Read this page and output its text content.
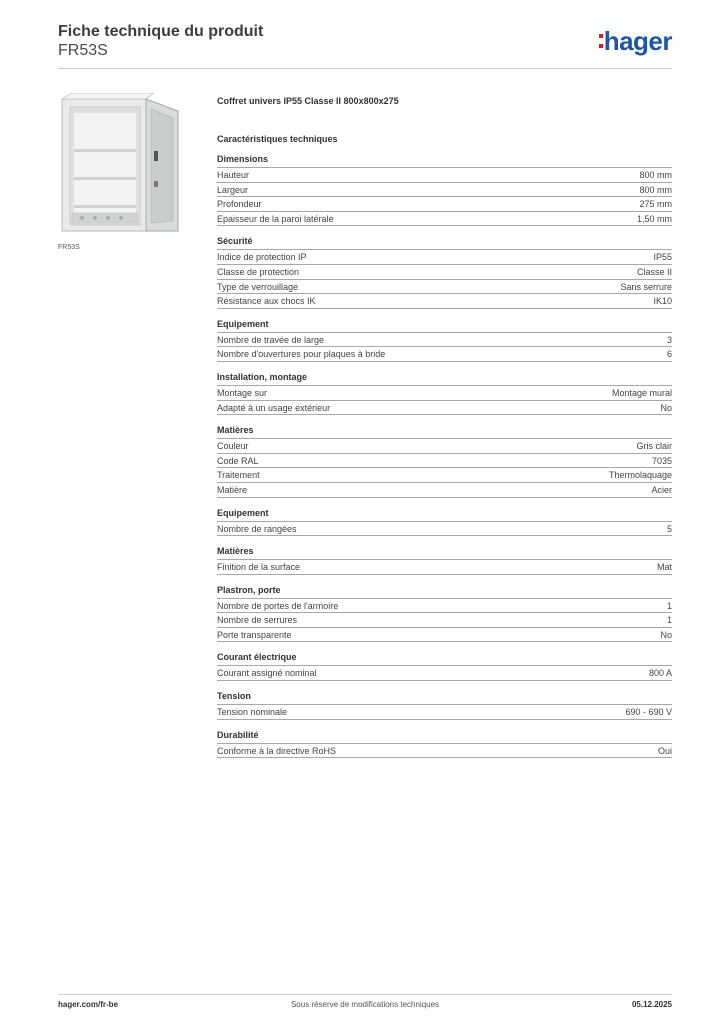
Fiche technique du produit
FR53S	hager
FR53S
Coffret univers IP55 Classe II 800x800x275
Caractéristiques techniques
Dimensions
Hauteur	800 mm
Largeur	800 mm
Profondeur	275 mm
Epaisseur de la paroi latérale	1,50 mm
Sécurité
Indice de protection IP	IP55
Classe de protection	Classe II
Type de verrouillage	Sans serrure
Résistance aux chocs IK	IK10
Equipement
Nombre de travée de large	3
Nombre d'ouvertures pour plaques à bride	6
Installation, montage
Montage sur	Montage mural
Adapté à un usage extérieur	No
Matières
Couleur	Gris clair
Code RAL	7035
Traitement	Thermolaquage
Matière	Acier
Equipement
Nombre de rangées	5
Matières
Finition de la surface	Mat
Plastron, porte
Nombre de portes de l'armoire	1
Nombre de serrures	1
Porte transparente	No
Courant électrique
Courant assigné nominal	800 A
Tension
Tension nominale	690 - 690 V
Durabilité
Conforme à la directive RoHS	Oui
hager.com/fr-be	Sous réserve de modifications techniques	05.12.2025
